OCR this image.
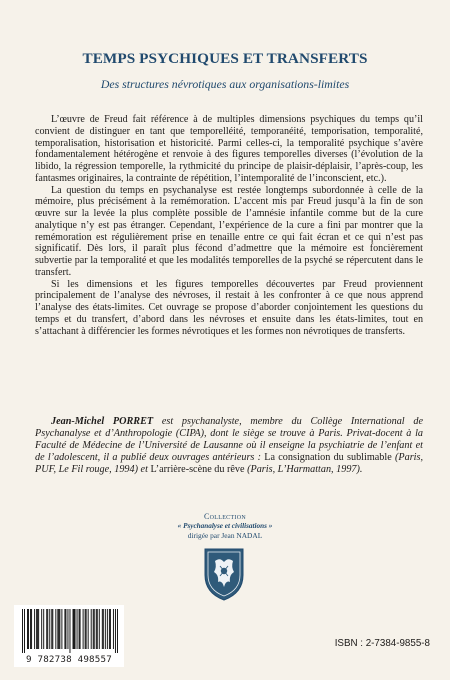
TEMPS PSYCHIQUES ET TRANSFERTS
Des structures névrotiques aux organisations-limites

L’œuvre de Freud fait référence à de multiples dimensions psychiques du temps qu’il convient de distinguer en tant que temporelléité, temporanéité, temporisation, temporalité, temporalisation, historisation et historicité. Parmi celles-ci, la temporalité psychique s’avère fondamentalement hétérogène et renvoie à des figures temporelles diverses (l’évolution de la libido, la régression temporelle, la rythmicité du principe de plaisir-déplaisir, l’après-coup, les fantasmes originaires, la contrainte de répétition, l’intemporalité de l’inconscient, etc.).

La question du temps en psychanalyse est restée longtemps subordonnée à celle de la mémoire, plus précisément à la remémoration. L’accent mis par Freud jusqu’à la fin de son œuvre sur la levée la plus complète possible de l’amnésie infantile comme but de la cure analytique n’y est pas étranger. Cependant, l’expérience de la cure a fini par montrer que la remémoration est régulièrement prise en tenaille entre ce qui fait écran et ce qui n’est pas significatif. Dès lors, il paraît plus fécond d’admettre que la mémoire est foncièrement subvertie par la temporalité et que les modalités temporelles de la psyché se répercutent dans le transfert.

Si les dimensions et les figures temporelles découvertes par Freud proviennent principalement de l’analyse des névroses, il restait à les confronter à ce que nous apprend l’analyse des états-limites. Cet ouvrage se propose d’aborder conjointement les questions du temps et du transfert, d’abord dans les névroses et ensuite dans les états-limites, tout en s’attachant à différencier les formes névrotiques et les formes non névrotiques de transferts.

Jean-Michel PORRET est psychanalyste, membre du Collège International de Psychanalyse et d’Anthropologie (CIPA), dont le siège se trouve à Paris. Privat-docent à la Faculté de Médecine de l’Université de Lausanne où il enseigne la psychiatrie de l’enfant et de l’adolescent, il a publié deux ouvrages antérieurs : La consignation du sublimable (Paris, PUF, Le Fil rouge, 1994) et L’arrière-scène du rêve (Paris, L’Harmattan, 1997).

Collection
« Psychanalyse et civilisations »
dirigée par Jean NADAL
9 782738 498557
ISBN : 2-7384-9855-8
